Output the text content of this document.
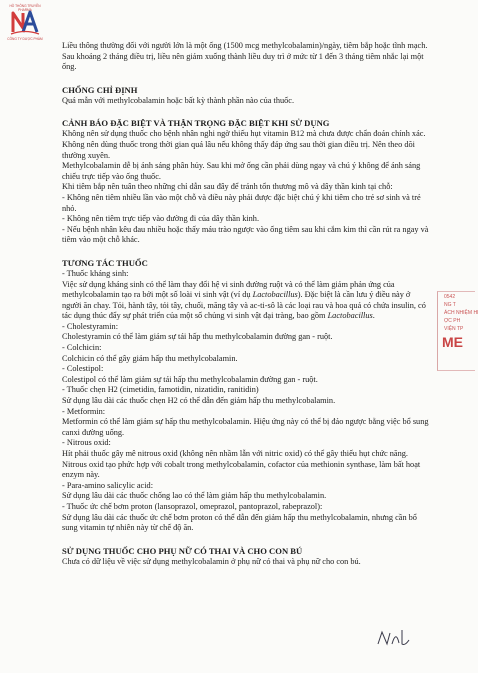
HỒ THÔNG TRUYỀN PHARMA
CÔNG TY DƯỢC PHẨM

Liều thông thường đối với người lớn là một ống (1500 mcg methylcobalamin)/ngày, tiêm bắp hoặc tĩnh mạch. Sau khoảng 2 tháng điều trị, liều nên giảm xuống thành liều duy trì ở mức từ 1 đến 3 tháng tiêm nhắc lại một ống.

CHỐNG CHỈ ĐỊNH

Quá mẫn với methylcobalamin hoặc bất kỳ thành phần nào của thuốc.

CẢNH BÁO ĐẶC BIỆT VÀ THẬN TRỌNG ĐẶC BIỆT KHI SỬ DỤNG

Không nên sử dụng thuốc cho bệnh nhân nghi ngờ thiếu hụt vitamin B12 mà chưa được chẩn đoán chính xác.

Không nên dùng thuốc trong thời gian quá lâu nếu không thấy đáp ứng sau thời gian điều trị. Nên theo dõi thường xuyên.

Methylcobalamin dễ bị ảnh sáng phân hủy. Sau khi mở ống cần phải dùng ngay và chú ý không để ánh sáng chiếu trực tiếp vào ống thuốc.

Khi tiêm bắp nên tuân theo những chỉ dẫn sau đây để tránh tổn thương mô và dây thần kinh tại chỗ:

- Không nên tiêm nhiều lần vào một chỗ và điều này phải được đặc biệt chú ý khi tiêm cho trẻ sơ sinh và trẻ nhỏ.

- Không nên tiêm trực tiếp vào đường đi của dây thần kinh.

- Nếu bệnh nhân kêu đau nhiều hoặc thấy máu trào ngược vào ống tiêm sau khi cắm kim thì cần rút ra ngay và tiêm vào một chỗ khác.

TƯƠNG TÁC THUỐC

- Thuốc kháng sinh:

Việc sử dụng kháng sinh có thể làm thay đổi hệ vi sinh đường ruột và có thể làm giảm phản ứng của methylcobalamin tạo ra bởi một số loài vi sinh vật (ví dụ Lactobacillus). Đặc biệt là cần lưu ý điều này ở người ăn chay. Tỏi, hành tây, tỏi tây, chuối, măng tây và ac-ti-sô là các loại rau và hoa quả có chứa insulin, có tác dụng thúc đẩy sự phát triển của một số chủng vi sinh vật đại tràng, bao gồm Lactobacillus.

- Cholestyramin:

Cholestyramin có thể làm giảm sự tái hấp thu methylcobalamin đường gan - ruột.

- Colchicin:

Colchicin có thể gây giảm hấp thu methylcobalamin.

- Colestipol:

Colestipol có thể làm giảm sự tái hấp thu methylcobalamin đường gan - ruột.

- Thuốc chẹn H2 (cimetidin, famotidin, nizatidin, ranitidin)

Sử dụng lâu dài các thuốc chẹn H2 có thể dẫn đến giảm hấp thu methylcobalamin.

- Metformin:

Metformin có thể làm giảm sự hấp thu methylcobalamin. Hiệu ứng này có thể bị đảo ngược bằng việc bổ sung canxi đường uống.

- Nitrous oxid:

Hít phải thuốc gây mê nitrous oxid (không nên nhầm lẫn với nitric oxid) có thể gây thiếu hụt chức năng. Nitrous oxid tạo phức hợp với cobalt trong methylcobalamin, cofactor của methionin synthase, làm bất hoạt enzym này.

- Para-amino salicylic acid:

Sử dụng lâu dài các thuốc chống lao có thể làm giảm hấp thu methylcobalamin.

- Thuốc ức chế bơm proton (lansoprazol, omeprazol, pantoprazol, rabeprazol):

Sử dụng lâu dài các thuốc ức chế bơm proton có thể dẫn đến giảm hấp thu methylcobalamin, nhưng cần bổ sung vitamin tự nhiên này từ chế độ ăn.

SỬ DỤNG THUỐC CHO PHỤ NỮ CÓ THAI VÀ CHO CON BÚ

Chưa có dữ liệu về việc sử dụng methylcobalamin ở phụ nữ có thai và phụ nữ cho con bú.

0542
NG T
ÁCH NHIỆM HI
ỢC PH
VIỆN TP
ME
